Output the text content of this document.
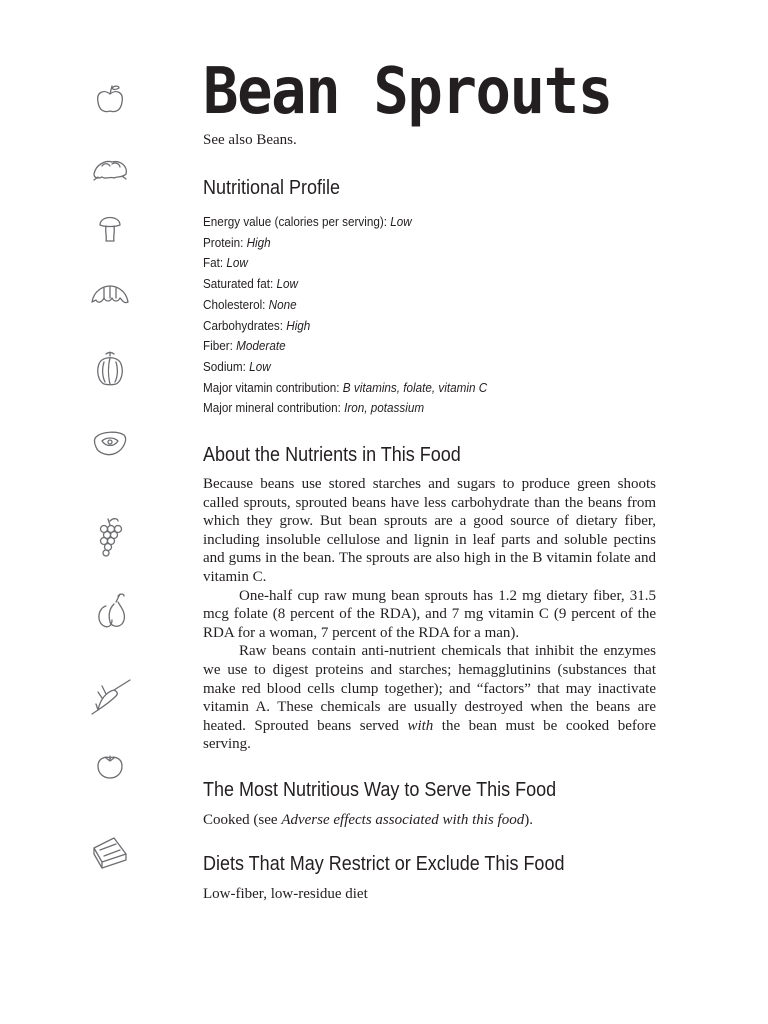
Bean Sprouts

See also Beans.

Nutritional Profile
Energy value (calories per serving): Low
Protein: High
Fat: Low
Saturated fat: Low
Cholesterol: None
Carbohydrates: High
Fiber: Moderate
Sodium: Low
Major vitamin contribution: B vitamins, folate, vitamin C
Major mineral contribution: Iron, potassium
About the Nutrients in This Food

Because beans use stored starches and sugars to produce green shoots called sprouts, sprouted beans have less carbohydrate than the beans from which they grow. But bean sprouts are a good source of dietary fiber, including insoluble cellulose and lignin in leaf parts and soluble pectins and gums in the bean. The sprouts are also high in the B vitamin folate and vitamin C.

One-half cup raw mung bean sprouts has 1.2 mg dietary fiber, 31.5 mcg folate (8 percent of the RDA), and 7 mg vitamin C (9 percent of the RDA for a woman, 7 percent of the RDA for a man).

Raw beans contain anti-nutrient chemicals that inhibit the enzymes we use to digest proteins and starches; hemagglutinins (substances that make red blood cells clump together); and “factors” that may inactivate vitamin A. These chemicals are usually destroyed when the beans are heated. Sprouted beans served with the bean must be cooked before serving.

The Most Nutritious Way to Serve This Food

Cooked (see Adverse effects associated with this food).

Diets That May Restrict or Exclude This Food

Low-fiber, low-residue diet
